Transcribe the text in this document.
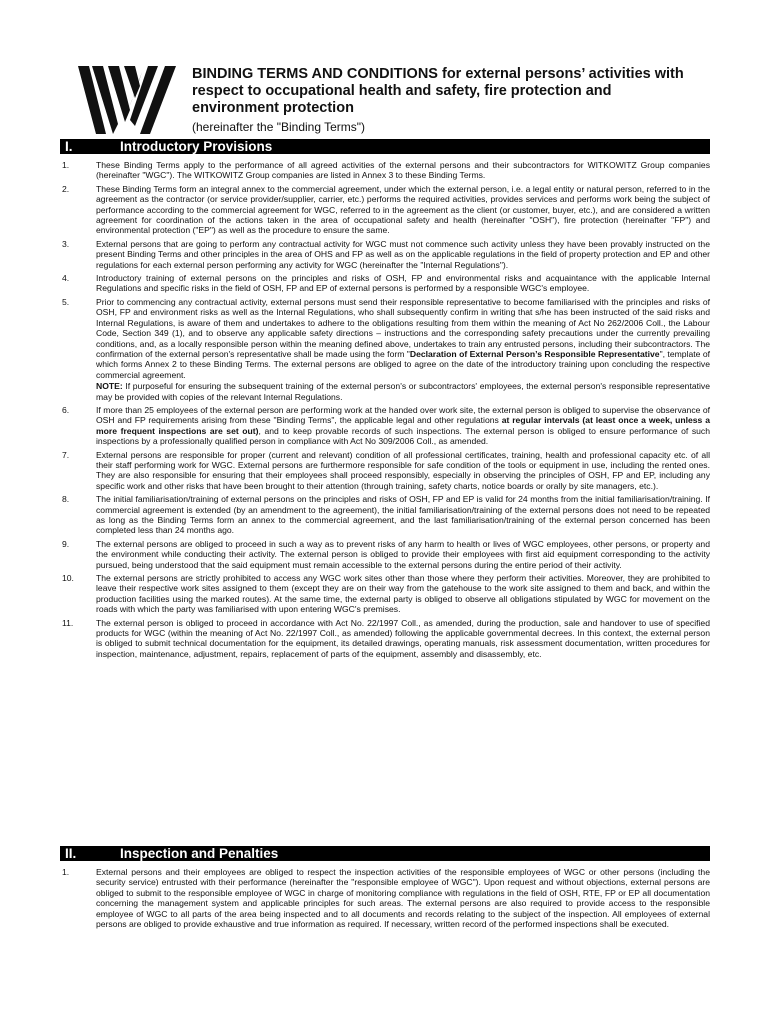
BINDING TERMS AND CONDITIONS for external persons’ activities with respect to occupational health and safety, fire protection and environment protection
(hereinafter the "Binding Terms")
I.	Introductory Provisions
1.	These Binding Terms apply to the performance of all agreed activities of the external persons and their subcontractors for WITKOWITZ Group companies (hereinafter "WGC"). The WITKOWITZ Group companies are listed in Annex 3 to these Binding Terms.
2.	These Binding Terms form an integral annex to the commercial agreement, under which the external person, i.e. a legal entity or natural person, referred to in the agreement as the contractor (or service provider/supplier, carrier, etc.) performs the required activities, provides services and performs work being the subject of performance according to the commercial agreement for WGC, referred to in the agreement as the client (or customer, buyer, etc.), and are considered a written agreement for coordination of the actions taken in the area of occupational safety and health (hereinafter "OSH"), fire protection (hereinafter "FP") and environmental protection ("EP") as well as the procedure to ensure the same.
3.	External persons that are going to perform any contractual activity for WGC must not commence such activity unless they have been provably instructed on the present Binding Terms and other principles in the area of OHS and FP as well as on the applicable regulations in the field of property protection and EP and other regulations for each external person performing any activity for WGC (hereinafter the "Internal Regulations").
4.	Introductory training of external persons on the principles and risks of OSH, FP and environmental risks and acquaintance with the applicable Internal Regulations and specific risks in the field of OSH, FP and EP of external persons is performed by a responsible WGC's employee.
5.	Prior to commencing any contractual activity, external persons must send their responsible representative to become familiarised with the principles and risks of OSH, FP and environment risks as well as the Internal Regulations, who shall subsequently confirm in writing that s/he has been instructed of the said risks and Internal Regulations, is aware of them and undertakes to adhere to the obligations resulting from them within the meaning of Act No 262/2006 Coll., the Labour Code, Section 349 (1), and to observe any applicable safety directions – instructions and the corresponding safety precautions under the currently prevailing conditions, and, as a locally responsible person within the meaning defined above, undertakes to train any entrusted persons, including their subcontractors. The confirmation of the external person's representative shall be made using the form "Declaration of External Person’s Responsible Representative", template of which forms Annex 2 to these Binding Terms. The external persons are obliged to agree on the date of the introductory training upon concluding the respective commercial agreement.
NOTE: If purposeful for ensuring the subsequent training of the external person's or subcontractors' employees, the external person's responsible representative may be provided with copies of the relevant Internal Regulations.
6.	If more than 25 employees of the external person are performing work at the handed over work site, the external person is obliged to supervise the observance of OSH and FP requirements arising from these "Binding Terms", the applicable legal and other regulations at regular intervals (at least once a week, unless a more frequent inspections are set out), and to keep provable records of such inspections. The external person is obliged to ensure performance of such inspections by a professionally qualified person in compliance with Act No 309/2006 Coll., as amended.
7.	External persons are responsible for proper (current and relevant) condition of all professional certificates, training, health and professional capacity etc. of all their staff performing work for WGC. External persons are furthermore responsible for safe condition of the tools or equipment in use, including the rented ones. They are also responsible for ensuring that their employees shall proceed responsibly, especially in observing the principles of OSH, FP and EP, including any specific work and other risks that have been brought to their attention (through training, safety charts, notice boards or orally by site managers, etc.).
8.	The initial familiarisation/training of external persons on the principles and risks of OSH, FP and EP is valid for 24 months from the initial familiarisation/training. If commercial agreement is extended (by an amendment to the agreement), the initial familiarisation/training of the external persons does not need to be repeated as long as the Binding Terms form an annex to the commercial agreement, and the last familiarisation/training of the external person concerned has been completed less than 24 months ago.
9.	The external persons are obliged to proceed in such a way as to prevent risks of any harm to health or lives of WGC employees, other persons, or property and the environment while conducting their activity. The external person is obliged to provide their employees with first aid equipment corresponding to the activity pursued, being understood that the said equipment must remain accessible to the external persons during the entire period of their activity.
10.	The external persons are strictly prohibited to access any WGC work sites other than those where they perform their activities. Moreover, they are prohibited to leave their respective work sites assigned to them (except they are on their way from the gatehouse to the work site assigned to them and back, and within the production facilities using the marked routes). At the same time, the external party is obliged to observe all obligations stipulated by WGC for movement on the roads with which the party was familiarised with upon entering WGC's premises.
11.	The external person is obliged to proceed in accordance with Act No. 22/1997 Coll., as amended, during the production, sale and handover to use of specified products for WGC (within the meaning of Act No. 22/1997 Coll., as amended) following the applicable governmental decrees. In this context, the external person is obliged to submit technical documentation for the equipment, its detailed drawings, operating manuals, risk assessment documentation, written procedures for inspection, maintenance, adjustment, repairs, replacement of parts of the equipment, assembly and disassembly, etc.
II.	Inspection and Penalties
1.	External persons and their employees are obliged to respect the inspection activities of the responsible employees of WGC or other persons (including the security service) entrusted with their performance (hereinafter the "responsible employee of WGC"). Upon request and without objections, external persons are obliged to submit to the responsible employee of WGC in charge of monitoring compliance with regulations in the field of OSH, RTE, FP or EP all documentation concerning the management system and applicable principles for such areas. The external persons are also required to provide access to the responsible employee of WGC to all parts of the area being inspected and to all documents and records relating to the subject of the inspection. All employees of external persons are obliged to provide exhaustive and true information as required. If necessary, written record of the performed inspections shall be executed.
